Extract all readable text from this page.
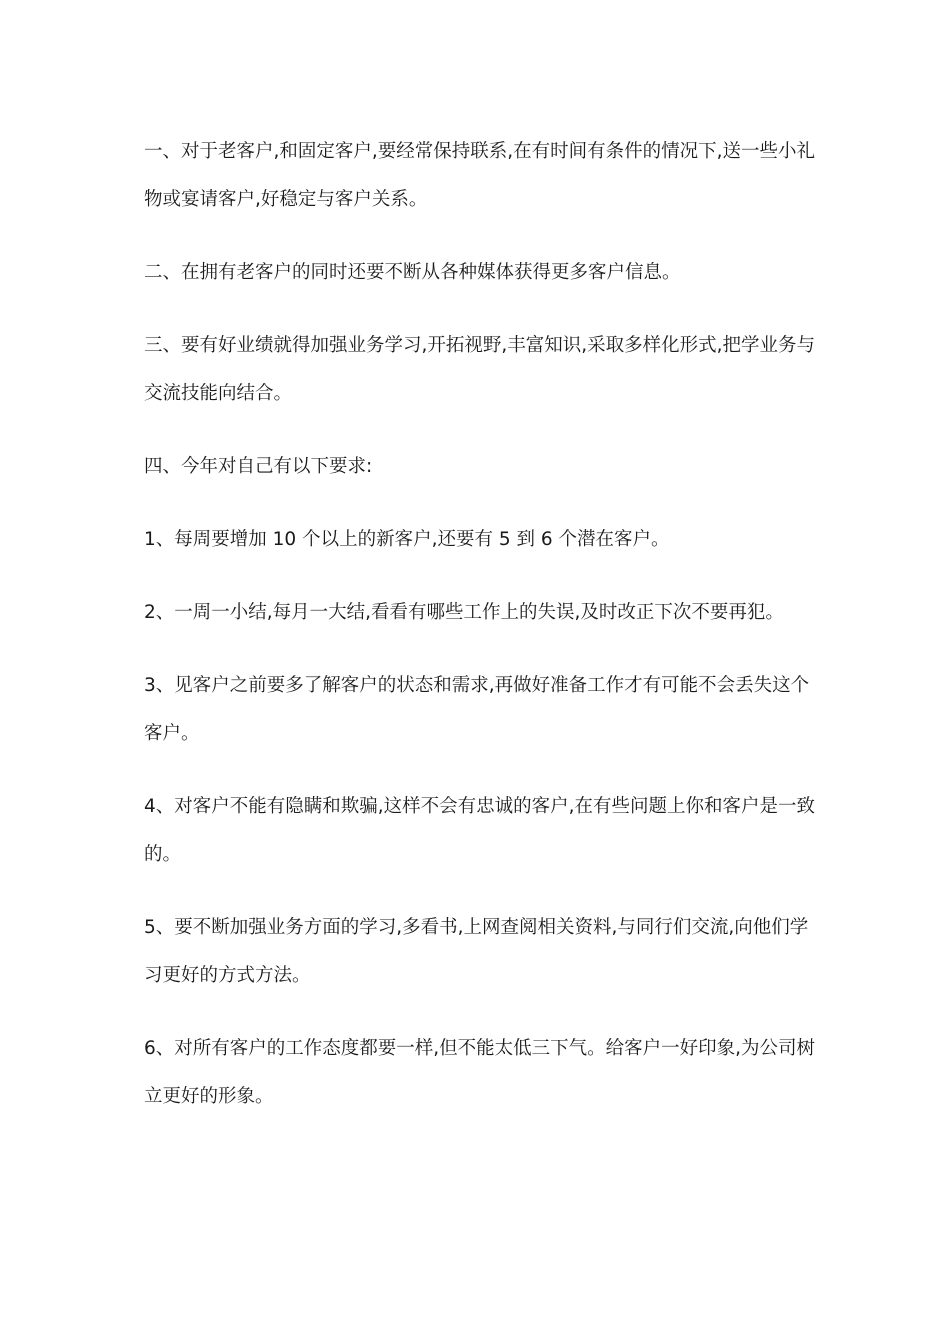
一、对于老客户,和固定客户,要经常保持联系,在有时间有条件的情况下,送一些小礼物或宴请客户,好稳定与客户关系。

二、在拥有老客户的同时还要不断从各种媒体获得更多客户信息。

三、要有好业绩就得加强业务学习,开拓视野,丰富知识,采取多样化形式,把学业务与交流技能向结合。

四、今年对自己有以下要求:

1、每周要增加 10 个以上的新客户,还要有 5 到 6 个潜在客户。

2、一周一小结,每月一大结,看看有哪些工作上的失误,及时改正下次不要再犯。

3、见客户之前要多了解客户的状态和需求,再做好准备工作才有可能不会丢失这个客户。

4、对客户不能有隐瞒和欺骗,这样不会有忠诚的客户,在有些问题上你和客户是一致的。

5、要不断加强业务方面的学习,多看书,上网查阅相关资料,与同行们交流,向他们学习更好的方式方法。

6、对所有客户的工作态度都要一样,但不能太低三下气。给客户一好印象,为公司树立更好的形象。
